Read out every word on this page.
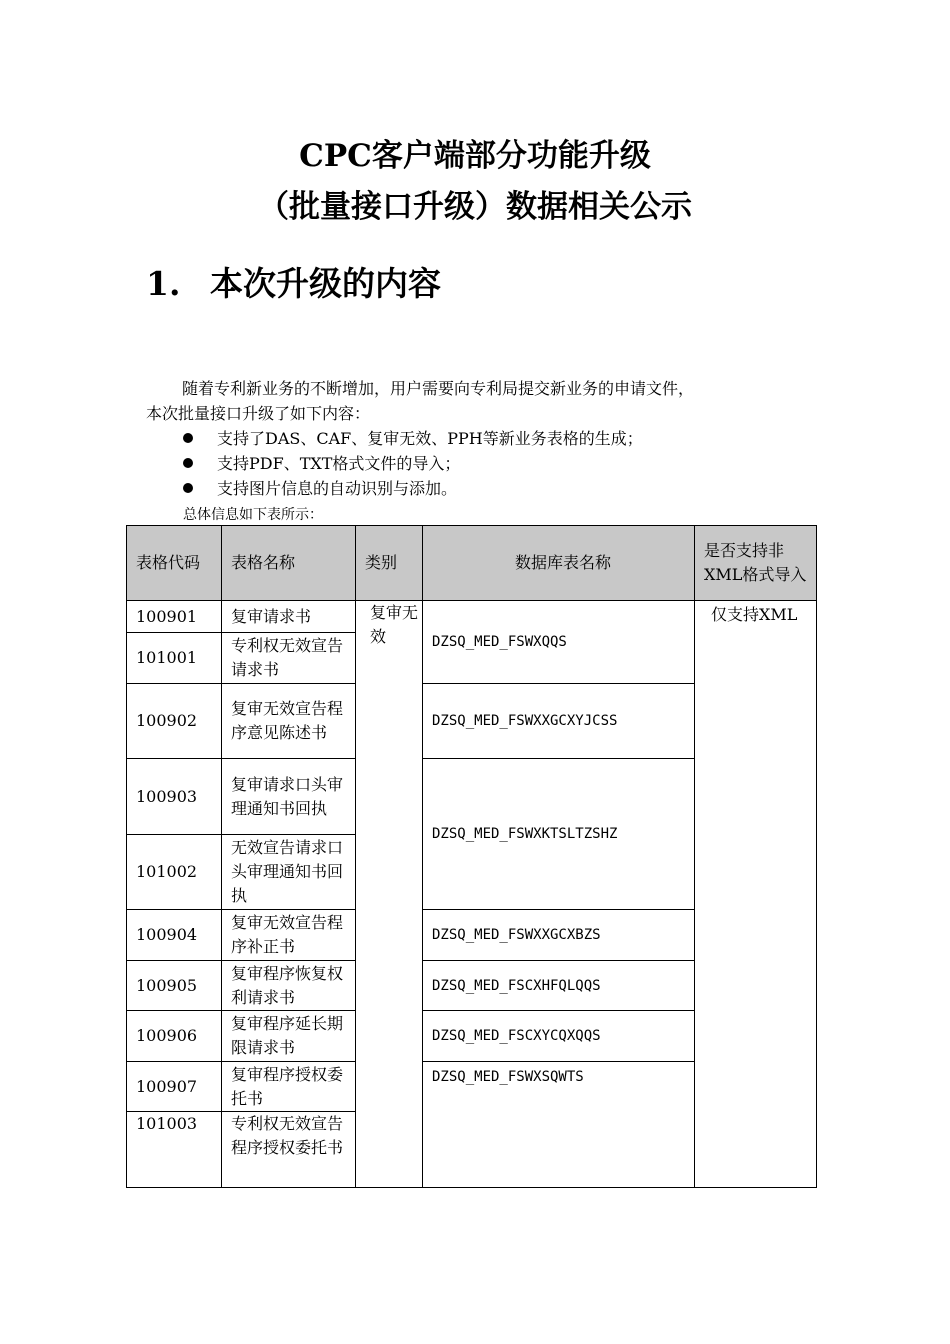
CPC客户端部分功能升级
（批量接口升级）数据相关公示
1. 本次升级的内容
随着专利新业务的不断增加，用户需要向专利局提交新业务的申请文件，
本次批量接口升级了如下内容：
支持了DAS、CAF、复审无效、PPH等新业务表格的生成；
支持PDF、TXT格式文件的导入；
支持图片信息的自动识别与添加。
总体信息如下表所示：
表格代码	表格名称	类别	数据库表名称	是否支持非XML格式导入
100901	复审请求书	复审无效	DZSQ_MED_FSWXQQS	仅支持XML
101001	专利权无效宣告请求书			
100902	复审无效宣告程序意见陈述书		DZSQ_MED_FSWXXGCXYJCSS	
100903	复审请求口头审理通知书回执		DZSQ_MED_FSWXKTSLTZSHZ	
101002	无效宣告请求口头审理通知书回执			
100904	复审无效宣告程序补正书		DZSQ_MED_FSWXXGCXBZS	
100905	复审程序恢复权利请求书		DZSQ_MED_FSCXHFQLQQS	
100906	复审程序延长期限请求书		DZSQ_MED_FSCXYCQXQQS	
100907	复审程序授权委托书		DZSQ_MED_FSWXSQWTS	
101003	专利权无效宣告程序授权委托书			
